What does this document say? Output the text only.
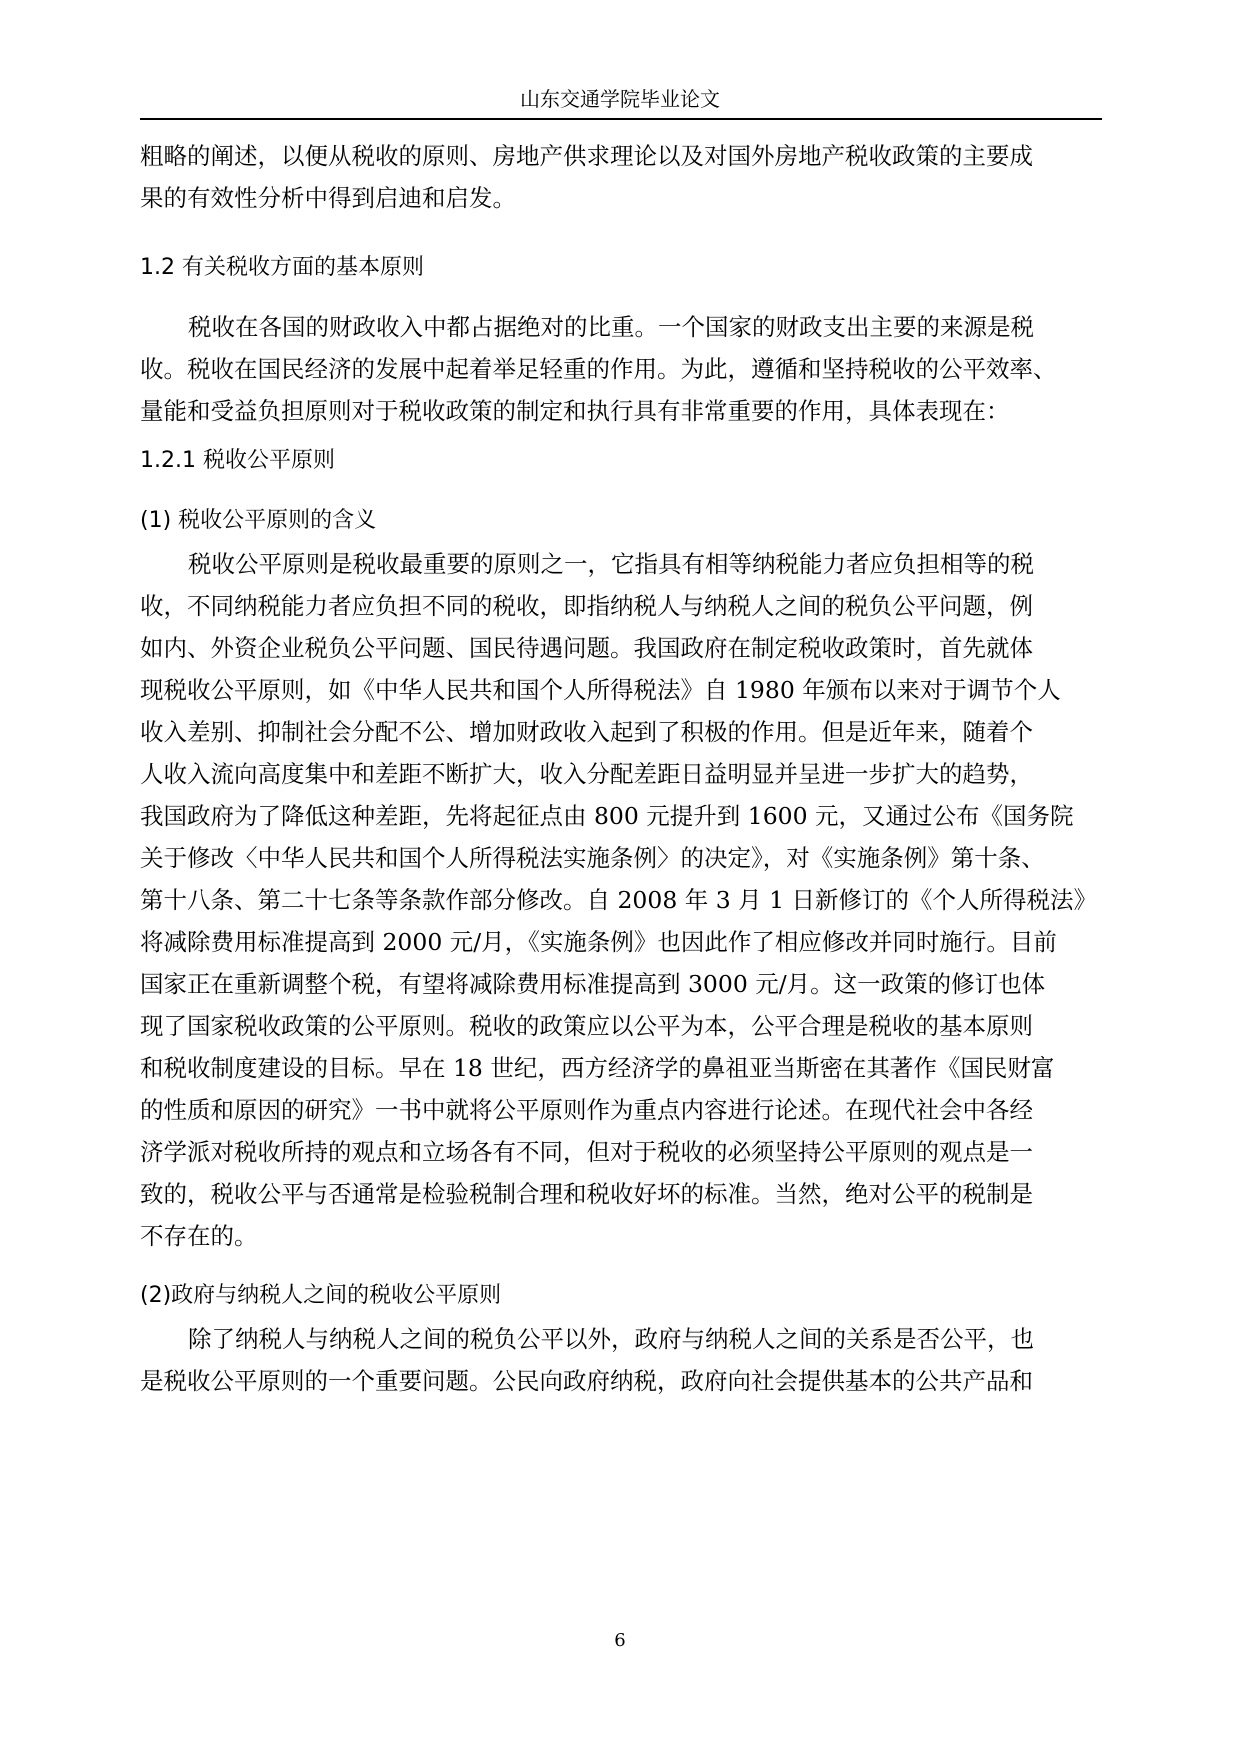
山东交通学院毕业论文
粗略的阐述，以便从税收的原则、房地产供求理论以及对国外房地产税收政策的主要成
果的有效性分析中得到启迪和启发。
1.2 有关税收方面的基本原则
税收在各国的财政收入中都占据绝对的比重。一个国家的财政支出主要的来源是税
收。税收在国民经济的发展中起着举足轻重的作用。为此，遵循和坚持税收的公平效率、
量能和受益负担原则对于税收政策的制定和执行具有非常重要的作用，具体表现在：
1.2.1 税收公平原则
(1) 税收公平原则的含义
税收公平原则是税收最重要的原则之一，它指具有相等纳税能力者应负担相等的税
收，不同纳税能力者应负担不同的税收，即指纳税人与纳税人之间的税负公平问题，例
如内、外资企业税负公平问题、国民待遇问题。我国政府在制定税收政策时，首先就体
现税收公平原则，如《中华人民共和国个人所得税法》自 1980 年颁布以来对于调节个人
收入差别、抑制社会分配不公、增加财政收入起到了积极的作用。但是近年来，随着个
人收入流向高度集中和差距不断扩大，收入分配差距日益明显并呈进一步扩大的趋势，
我国政府为了降低这种差距，先将起征点由 800 元提升到 1600 元，又通过公布《国务院
关于修改〈中华人民共和国个人所得税法实施条例〉的决定》，对《实施条例》第十条、
第十八条、第二十七条等条款作部分修改。自 2008 年 3 月 1 日新修订的《个人所得税法》
将减除费用标准提高到 2000 元/月，《实施条例》也因此作了相应修改并同时施行。目前
国家正在重新调整个税，有望将减除费用标准提高到 3000 元/月。这一政策的修订也体
现了国家税收政策的公平原则。税收的政策应以公平为本，公平合理是税收的基本原则
和税收制度建设的目标。早在 18 世纪，西方经济学的鼻祖亚当斯密在其著作《国民财富
的性质和原因的研究》一书中就将公平原则作为重点内容进行论述。在现代社会中各经
济学派对税收所持的观点和立场各有不同，但对于税收的必须坚持公平原则的观点是一
致的，税收公平与否通常是检验税制合理和税收好坏的标准。当然，绝对公平的税制是
不存在的。
(2)政府与纳税人之间的税收公平原则
除了纳税人与纳税人之间的税负公平以外，政府与纳税人之间的关系是否公平，也
是税收公平原则的一个重要问题。公民向政府纳税，政府向社会提供基本的公共产品和
6
